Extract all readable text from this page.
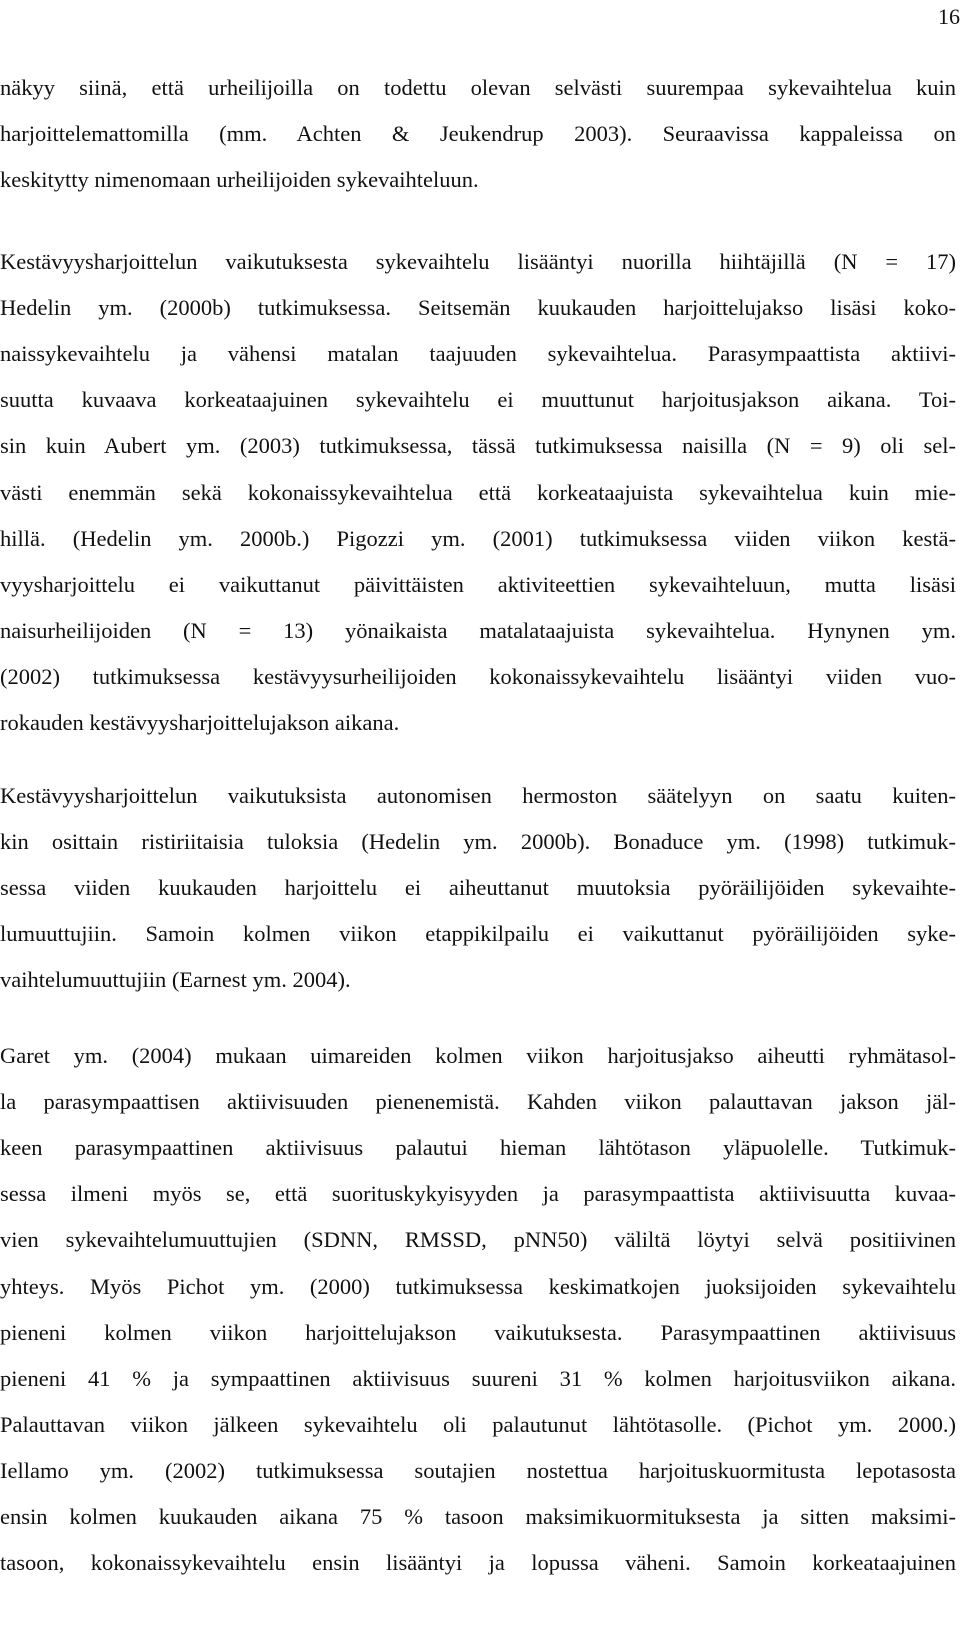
16
näkyy siinä, että urheilijoilla on todettu olevan selvästi suurempaa sykevaihtelua kuin
harjoittelemattomilla (mm. Achten & Jeukendrup 2003). Seuraavissa kappaleissa on
keskitytty nimenomaan urheilijoiden sykevaihteluun.
Kestävyysharjoittelun vaikutuksesta sykevaihtelu lisääntyi nuorilla hiihtäjillä (N = 17)
Hedelin ym. (2000b) tutkimuksessa. Seitsemän kuukauden harjoittelujakso lisäsi koko-
naissykevaihtelu ja vähensi matalan taajuuden sykevaihtelua. Parasympaattista aktiivi-
suutta kuvaava korkeataajuinen sykevaihtelu ei muuttunut harjoitusjakson aikana. Toi-
sin kuin Aubert ym. (2003) tutkimuksessa, tässä tutkimuksessa naisilla (N = 9) oli sel-
västi enemmän sekä kokonaissykevaihtelua että korkeataajuista sykevaihtelua kuin mie-
hillä. (Hedelin ym. 2000b.) Pigozzi ym. (2001) tutkimuksessa viiden viikon kestä-
vyysharjoittelu ei vaikuttanut päivittäisten aktiviteettien sykevaihteluun, mutta lisäsi
naisurheilijoiden (N = 13) yönaikaista matalataajuista sykevaihtelua. Hynynen ym.
(2002) tutkimuksessa kestävyysurheilijoiden kokonaissykevaihtelu lisääntyi viiden vuo-
rokauden kestävyysharjoittelujakson aikana.
Kestävyysharjoittelun vaikutuksista autonomisen hermoston säätelyyn on saatu kuiten-
kin osittain ristiriitaisia tuloksia (Hedelin ym. 2000b). Bonaduce ym. (1998) tutkimuk-
sessa viiden kuukauden harjoittelu ei aiheuttanut muutoksia pyöräilijöiden sykevaihte-
lumuuttujiin. Samoin kolmen viikon etappikilpailu ei vaikuttanut pyöräilijöiden syke-
vaihtelumuuttujiin (Earnest ym. 2004).
Garet ym. (2004) mukaan uimareiden kolmen viikon harjoitusjakso aiheutti ryhmätasol-
la parasympaattisen aktiivisuuden pienenemistä. Kahden viikon palauttavan jakson jäl-
keen parasympaattinen aktiivisuus palautui hieman lähtötason yläpuolelle. Tutkimuk-
sessa ilmeni myös se, että suorituskykyisyyden ja parasympaattista aktiivisuutta kuvaa-
vien sykevaihtelumuuttujien (SDNN, RMSSD, pNN50) väliltä löytyi selvä positiivinen
yhteys. Myös Pichot ym. (2000) tutkimuksessa keskimatkojen juoksijoiden sykevaihtelu
pieneni kolmen viikon harjoittelujakson vaikutuksesta. Parasympaattinen aktiivisuus
pieneni 41 % ja sympaattinen aktiivisuus suureni 31 % kolmen harjoitusviikon aikana.
Palauttavan viikon jälkeen sykevaihtelu oli palautunut lähtötasolle. (Pichot ym. 2000.)
Iellamo ym. (2002) tutkimuksessa soutajien nostettua harjoituskuormitusta lepotasosta
ensin kolmen kuukauden aikana 75 % tasoon maksimikuormituksesta ja sitten maksimi-
tasoon, kokonaissykevaihtelu ensin lisääntyi ja lopussa väheni. Samoin korkeataajuinen
